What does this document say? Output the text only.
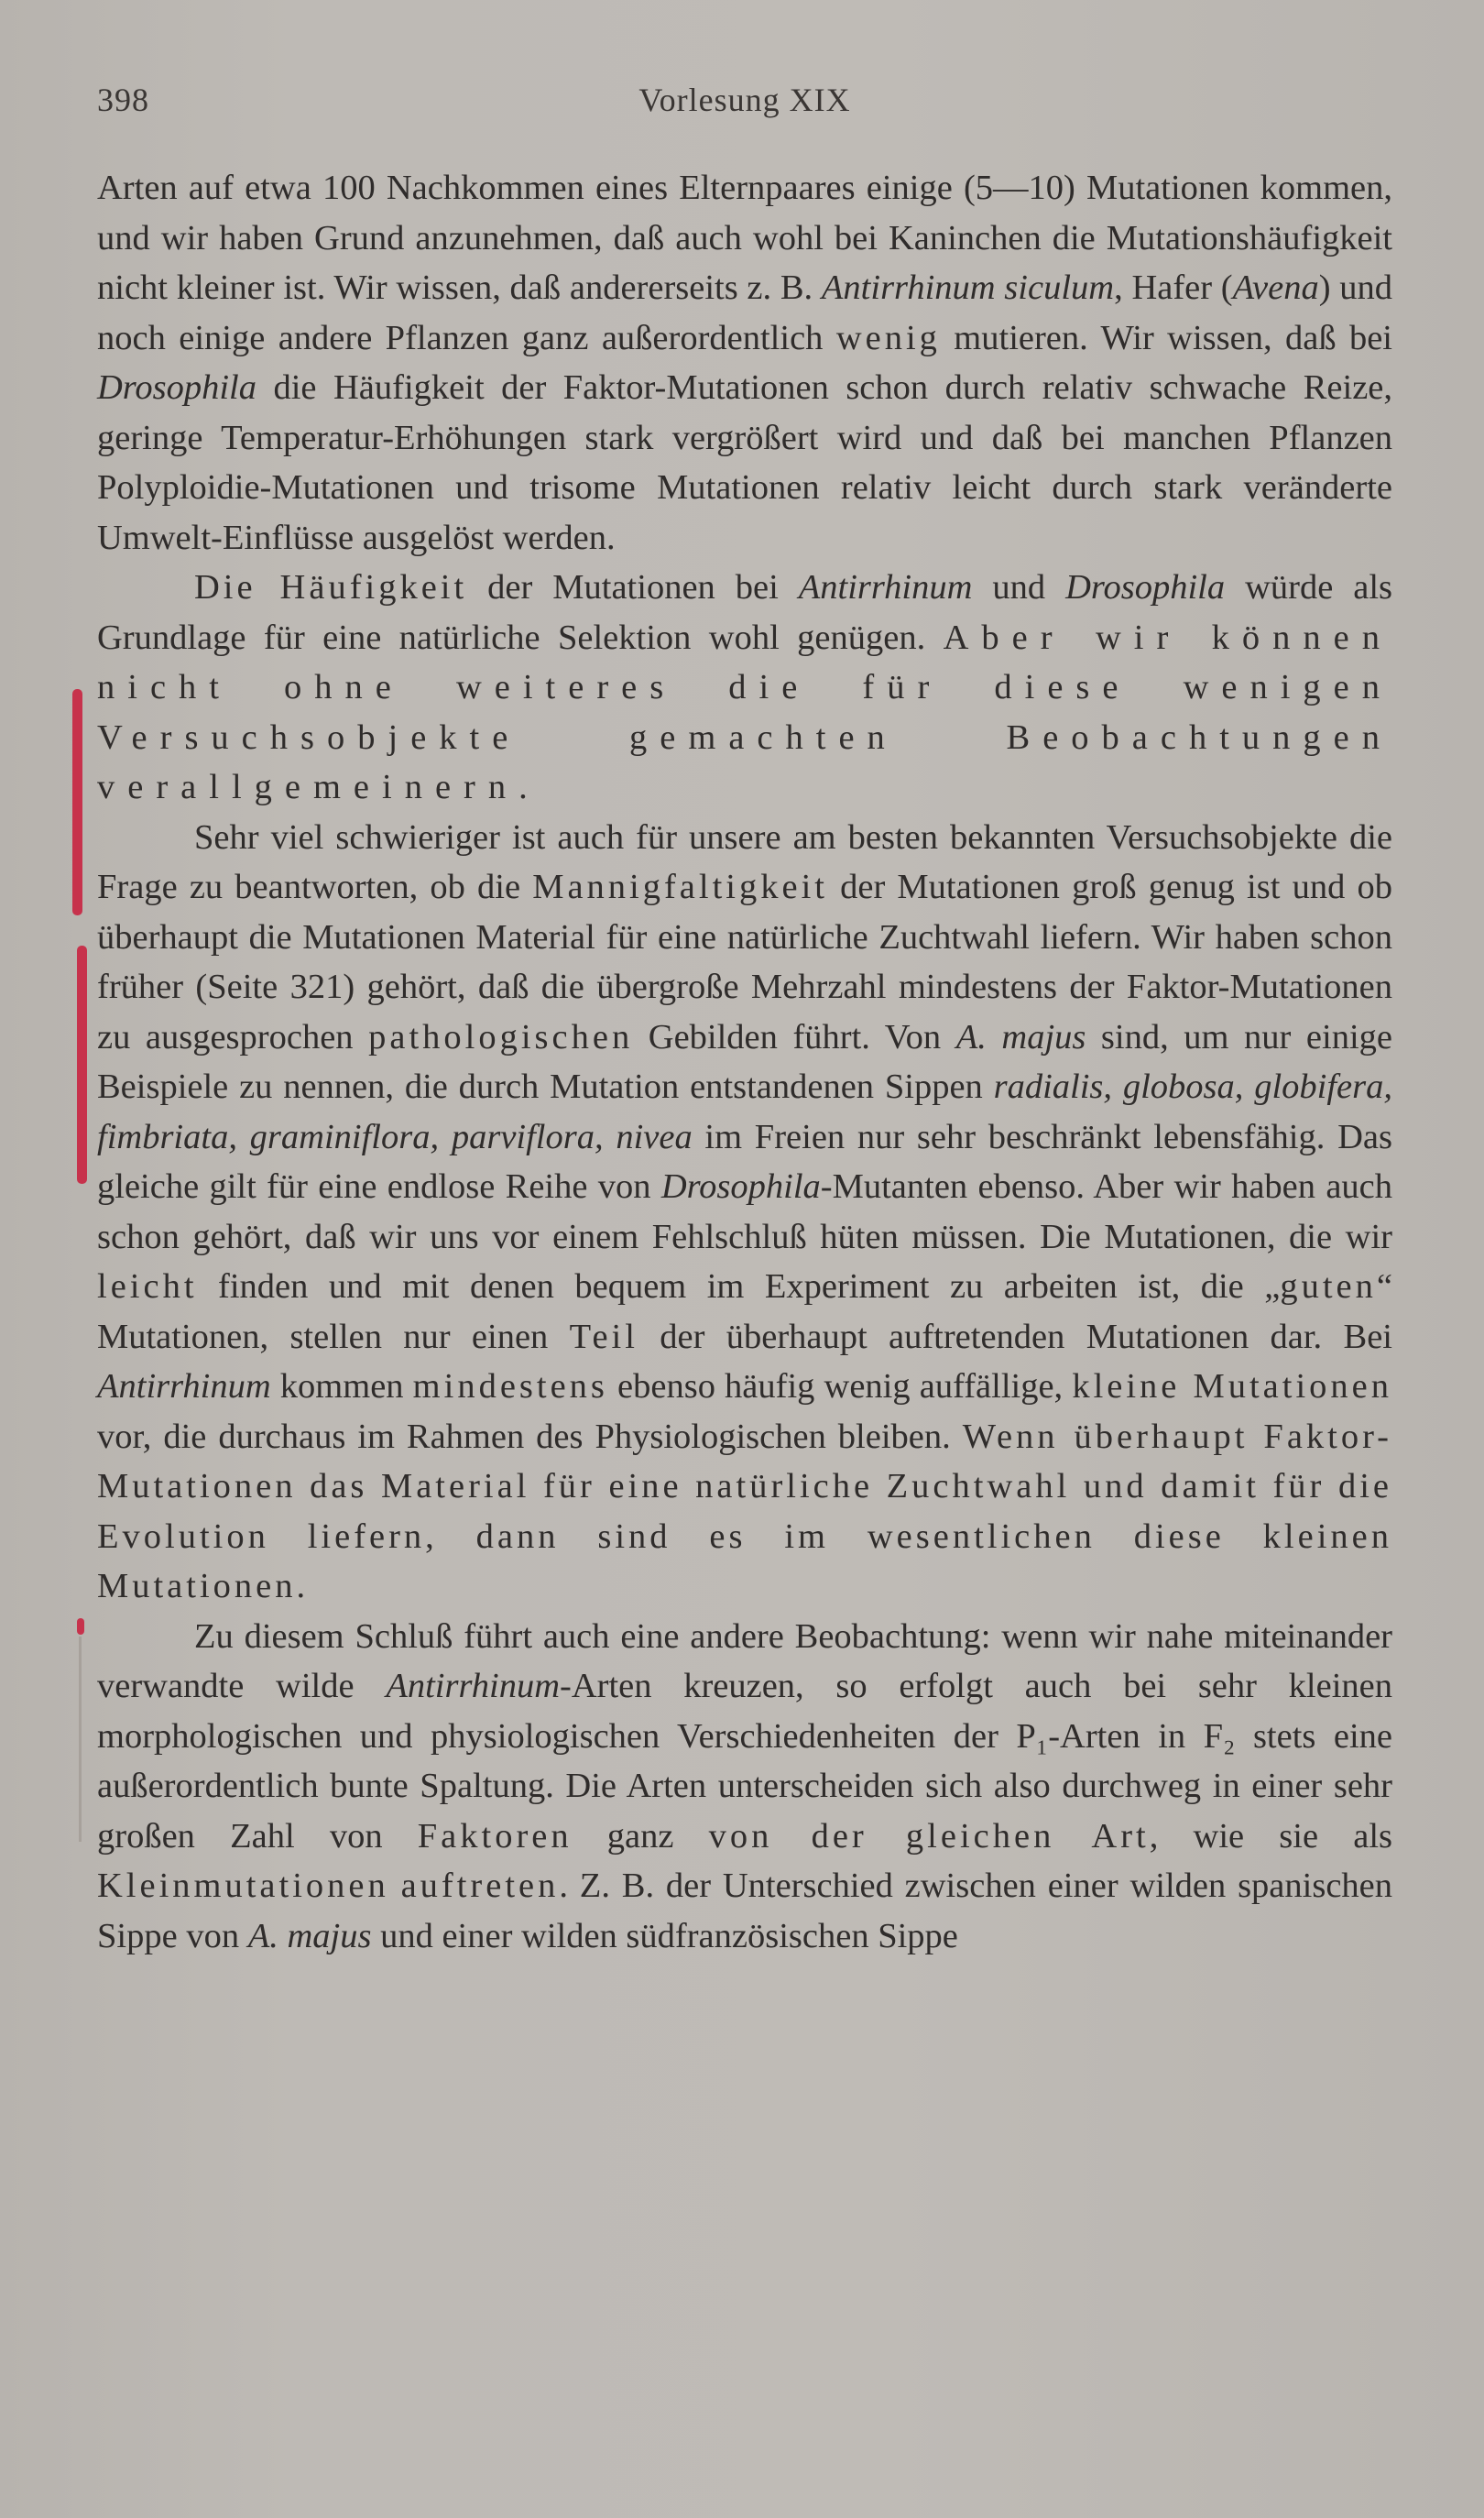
398	Vorlesung XIX

Arten auf etwa 100 Nachkommen eines Elternpaares einige (5—10) Mutationen kommen, und wir haben Grund anzunehmen, daß auch wohl bei Kaninchen die Mutationshäufigkeit nicht kleiner ist. Wir wissen, daß andererseits z. B. Antirrhinum siculum, Hafer (Avena) und noch einige andere Pflanzen ganz außerordentlich wenig mutieren. Wir wissen, daß bei Drosophila die Häufigkeit der Faktor-Mutationen schon durch relativ schwache Reize, geringe Temperatur-Erhöhungen stark vergrößert wird und daß bei manchen Pflanzen Polyploidie-Mutationen und trisome Mutationen relativ leicht durch stark veränderte Umwelt-Einflüsse ausgelöst werden.

Die Häufigkeit der Mutationen bei Antirrhinum und Drosophila würde als Grundlage für eine natürliche Selektion wohl genügen. Aber wir können nicht ohne weiteres die für diese wenigen Versuchsobjekte gemachten Beobachtungen verallgemeinern.

Sehr viel schwieriger ist auch für unsere am besten bekannten Versuchsobjekte die Frage zu beantworten, ob die Mannigfaltigkeit der Mutationen groß genug ist und ob überhaupt die Mutationen Material für eine natürliche Zuchtwahl liefern. Wir haben schon früher (Seite 321) gehört, daß die übergroße Mehrzahl mindestens der Faktor-Mutationen zu ausgesprochen pathologischen Gebilden führt. Von A. majus sind, um nur einige Beispiele zu nennen, die durch Mutation entstandenen Sippen radialis, globosa, globifera, fimbriata, graminiflora, parviflora, nivea im Freien nur sehr beschränkt lebensfähig. Das gleiche gilt für eine endlose Reihe von Drosophila-Mutanten ebenso. Aber wir haben auch schon gehört, daß wir uns vor einem Fehlschluß hüten müssen. Die Mutationen, die wir leicht finden und mit denen bequem im Experiment zu arbeiten ist, die „guten“ Mutationen, stellen nur einen Teil der überhaupt auftretenden Mutationen dar. Bei Antirrhinum kommen mindestens ebenso häufig wenig auffällige, kleine Mutationen vor, die durchaus im Rahmen des Physiologischen bleiben. Wenn überhaupt Faktor-Mutationen das Material für eine natürliche Zuchtwahl und damit für die Evolution liefern, dann sind es im wesentlichen diese kleinen Mutationen.

Zu diesem Schluß führt auch eine andere Beobachtung: wenn wir nahe miteinander verwandte wilde Antirrhinum-Arten kreuzen, so erfolgt auch bei sehr kleinen morphologischen und physiologischen Verschiedenheiten der P₁-Arten in F₂ stets eine außerordentlich bunte Spaltung. Die Arten unterscheiden sich also durchweg in einer sehr großen Zahl von Faktoren ganz von der gleichen Art, wie sie als Kleinmutationen auftreten. Z. B. der Unterschied zwischen einer wilden spanischen Sippe von A. majus und einer wilden südfranzösischen Sippe
